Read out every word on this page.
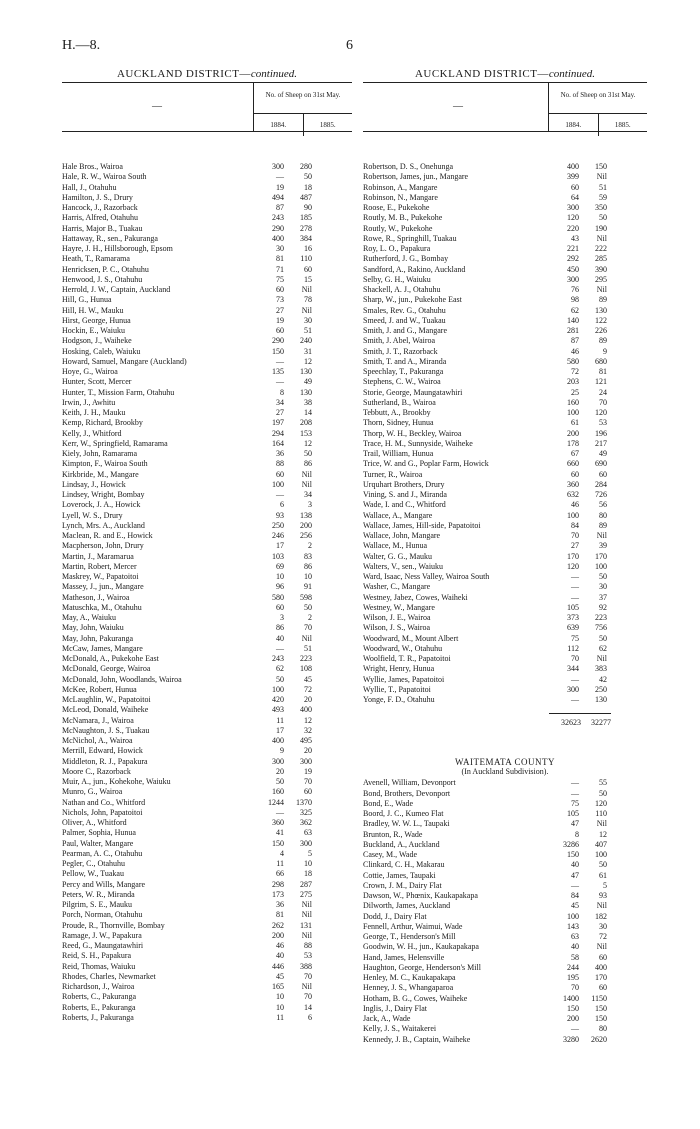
H.—8.	6
AUCKLAND DISTRICT—continued.
—
No. of Sheep on 31st May.
1884.	1885.
Hale Bros., Wairoa	300	280
Hale, R. W., Wairoa South	—	50
Hall, J., Otahuhu	19	18
Hamilton, J. S., Drury	494	487
Hancock, J., Razorback	87	90
Harris, Alfred, Otahuhu	243	185
Harris, Major B., Tuakau	290	278
Hattaway, R., sen., Pakuranga	400	384
Hayre, J. H., Hillsborough, Epsom	30	16
Heath, T., Ramarama	81	110
Henricksen, P. C., Otahuhu	71	60
Henwood, J. S., Otahuhu	75	15
Herrold, J. W., Captain, Auckland	60	Nil
Hill, G., Hunua	73	78
Hill, H. W., Mauku	27	Nil
Hirst, George, Hunua	19	30
Hockin, E., Waiuku	60	51
Hodgson, J., Waiheke	290	240
Hosking, Caleb, Waiuku	150	31
Howard, Samuel, Mangare (Auckland)	—	12
Hoye, G., Wairoa	135	130
Hunter, Scott, Mercer	—	49
Hunter, T., Mission Farm, Otahuhu	8	130
Irwin, J., Awhitu	34	38
Keith, J. H., Mauku	27	14
Kemp, Richard, Brookby	197	208
Kelly, J., Whitford	294	153
Kerr, W., Springfield, Ramarama	164	12
Kiely, John, Ramarama	36	50
Kimpton, F., Wairoa South	88	86
Kirkbride, M., Mangare	60	Nil
Lindsay, J., Howick	100	Nil
Lindsey, Wright, Bombay	—	34
Loverock, J. A., Howick	6	3
Lyell, W. S., Drury	93	138
Lynch, Mrs. A., Auckland	250	200
Maclean, R. and E., Howick	246	256
Macpherson, John, Drury	17	2
Martin, J., Maramarua	103	83
Martin, Robert, Mercer	69	86
Maskrey, W., Papatoitoi	10	10
Massey, J., jun., Mangare	96	91
Matheson, J., Wairoa	580	598
Matuschka, M., Otahuhu	60	50
May, A., Waiuku	3	2
May, John, Waiuku	86	70
May, John, Pakuranga	40	Nil
McCaw, James, Mangare	—	51
McDonald, A., Pukekohe East	243	223
McDonald, George, Wairoa	62	108
McDonald, John, Woodlands, Wairoa	50	45
McKee, Robert, Hunua	100	72
McLaughlin, W., Papatoitoi	420	20
McLeod, Donald, Waiheke	493	400
McNamara, J., Wairoa	11	12
McNaughton, J. S., Tuakau	17	32
McNichol, A., Wairoa	400	495
Merrill, Edward, Howick	9	20
Middleton, R. J., Papakura	300	300
Moore C., Razorback	20	19
Muir, A., jun., Kohekohe, Waiuku	50	70
Munro, G., Wairoa	160	60
Nathan and Co., Whitford	1244	1370
Nichols, John, Papatoitoi	—	325
Oliver, A., Whitford	360	362
Palmer, Sophia, Hunua	41	63
Paul, Walter, Mangare	150	300
Pearman, A. C., Otahuhu	4	5
Pegler, C., Otahuhu	11	10
Pellow, W., Tuakau	66	18
Percy and Wills, Mangare	298	287
Peters, W. R., Miranda	173	275
Pilgrim, S. E., Mauku	36	Nil
Porch, Norman, Otahuhu	81	Nil
Proude, R., Thornville, Bombay	262	131
Ramage, J. W., Papakura	200	Nil
Reed, G., Maungatawhiri	46	88
Reid, S. H., Papakura	40	53
Reid, Thomas, Waiuku	446	388
Rhodes, Charles, Newmarket	45	70
Richardson, J., Wairoa	165	Nil
Roberts, C., Pakuranga	10	70
Roberts, E., Pakuranga	10	14
Roberts, J., Pakuranga	11	6
AUCKLAND DISTRICT—continued.
—
No. of Sheep on 31st May.
1884.	1885.
Robertson, D. S., Onehunga	400	150
Robertson, James, jun., Mangare	399	Nil
Robinson, A., Mangare	60	51
Robinson, N., Mangare	64	59
Roose, E., Pukekohe	300	350
Routly, M. B., Pukekohe	120	50
Routly, W., Pukekohe	220	190
Rowe, R., Springhill, Tuakau	43	Nil
Roy, L. O., Papakura	221	222
Rutherford, J. G., Bombay	292	285
Sandford, A., Rakino, Auckland	450	390
Selby, G. H., Waiuku	300	295
Shackell, A. J., Otahuhu	76	Nil
Sharp, W., jun., Pukekohe East	98	89
Smales, Rev. G., Otahuhu	62	130
Smeed, J. and W., Tuakau	140	122
Smith, J. and G., Mangare	281	226
Smith, J. Abel, Wairoa	87	89
Smith, J. T., Razorback	46	9
Smith, T. and A., Miranda	580	680
Speechlay, T., Pakuranga	72	81
Stephens, C. W., Wairoa	203	121
Storie, George, Maungatawhiri	25	24
Sutherland, B., Wairoa	160	70
Tebbutt, A., Brookby	100	120
Thorn, Sidney, Hunua	61	53
Thorp, W. H., Beckley, Wairoa	200	196
Trace, H. M., Sunnyside, Waiheke	178	217
Trail, William, Hunua	67	49
Trice, W. and G., Poplar Farm, Howick	660	690
Turner, R., Wairoa	60	60
Urquhart Brothers, Drury	360	284
Vining, S. and J., Miranda	632	726
Wade, I. and C., Whitford	46	56
Wallace, A., Mangare	100	80
Wallace, James, Hill-side, Papatoitoi	84	89
Wallace, John, Mangare	70	Nil
Wallace, M., Hunua	27	39
Walter, G. G., Mauku	170	170
Walters, V., sen., Waiuku	120	100
Ward, Isaac, Ness Valley, Wairoa South	—	50
Washer, C., Mangare	—	30
Westney, Jabez, Cowes, Waiheki	—	37
Westney, W., Mangare	105	92
Wilson, J. E., Wairoa	373	223
Wilson, J. S., Wairoa	639	756
Woodward, M., Mount Albert	75	50
Woodward, W., Otahuhu	112	62
Woolfield, T. R., Papatoitoi	70	Nil
Wright, Henry, Hunua	344	383
Wyllie, James, Papatoitoi	—	42
Wyllie, T., Papatoitoi	300	250
Yonge, F. D., Otahuhu	—	130
32623	32277
WAITEMATA COUNTY
(In Auckland Subdivision).
Avenell, William, Devonport	—	55
Bond, Brothers, Devonport	—	50
Bond, E., Wade	75	120
Boord, J. C., Kumeo Flat	105	110
Bradley, W. W. L., Taupaki	47	Nil
Brunton, R., Wade	8	12
Buckland, A., Auckland	3286	407
Casey, M., Wade	150	100
Clinkard, C. H., Makarau	40	50
Cottie, James, Taupaki	47	61
Crown, J. M., Dairy Flat	—	5
Dawson, W., Phœnix, Kaukapakapa	84	93
Dilworth, James, Auckland	45	Nil
Dodd, J., Dairy Flat	100	182
Fennell, Arthur, Waimui, Wade	143	30
George, T., Henderson's Mill	63	72
Goodwin, W. H., jun., Kaukapakapa	40	Nil
Hand, James, Helensville	58	60
Haughton, George, Henderson's Mill	244	400
Henley, M. C., Kaukapakapa	195	170
Henney, J. S., Whangaparoa	70	60
Hotham, B. G., Cowes, Waiheke	1400	1150
Inglis, J., Dairy Flat	150	150
Jack, A., Wade	200	150
Kelly, J. S., Waitakerei	—	80
Kennedy, J. B., Captain, Waiheke	3280	2620
